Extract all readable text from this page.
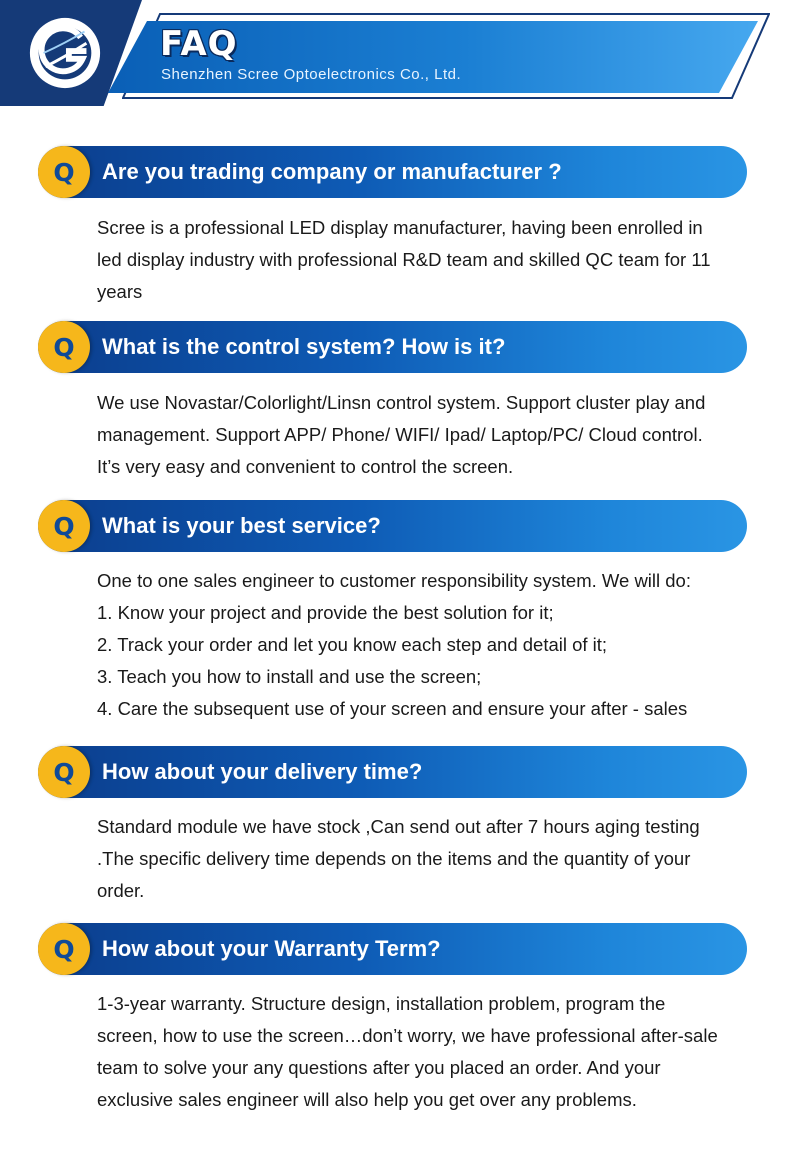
FAQ
Shenzhen Scree Optoelectronics Co., Ltd.
Q Are you trading company or manufacturer ?

Scree is a professional LED display manufacturer, having been enrolled in

led display industry with professional R&D team and skilled QC team for 11

years

Q What is the control system? How is it?

We use Novastar/Colorlight/Linsn control system. Support cluster play and

management. Support APP/ Phone/ WIFI/ Ipad/ Laptop/PC/ Cloud control.

It’s very easy and convenient to control the screen.

Q What is your best service?

One to one sales engineer to customer responsibility system. We will do:

1. Know your project and provide the best solution for it;

2. Track your order and let you know each step and detail of it;

3. Teach you how to install and use the screen;

4. Care the subsequent use of your screen and ensure your after - sales

Q How about your delivery time?

Standard module we have stock ,Can send out after 7 hours aging testing

.The specific delivery time depends on the items and the quantity of your

order.

Q How about your Warranty Term?

1-3-year warranty. Structure design, installation problem, program the

screen, how to use the screen…don’t worry, we have professional after-sale

team to solve your any questions after you placed an order. And your

exclusive sales engineer will also help you get over any problems.
